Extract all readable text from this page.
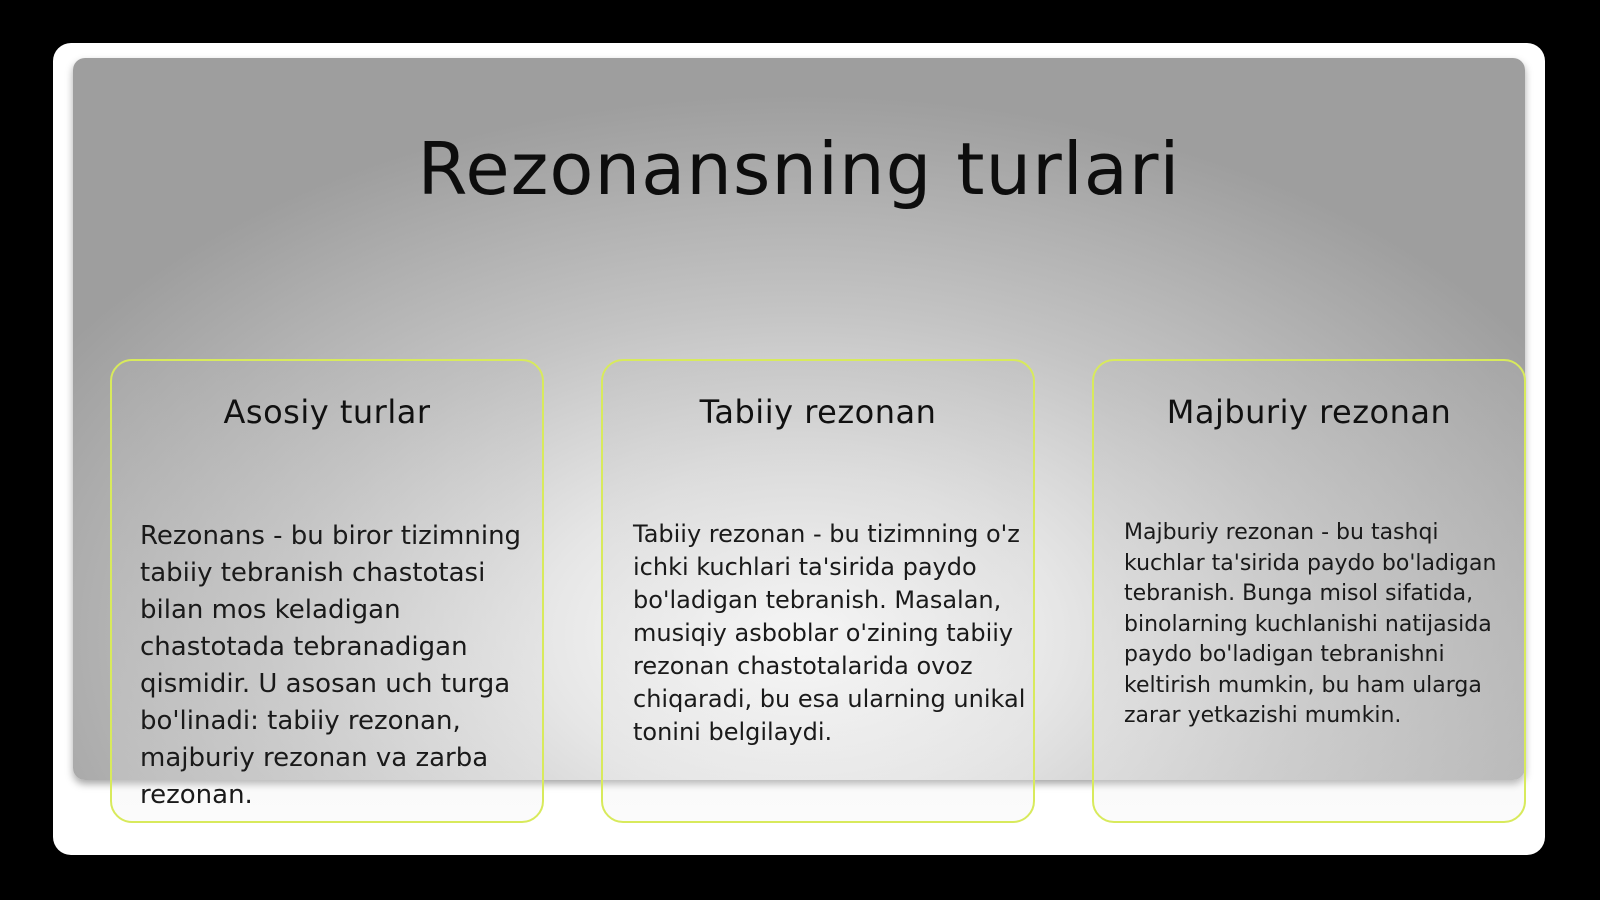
Rezonansning turlari
Asosiy turlar

Rezonans - bu biror tizimning tabiiy tebranish chastotasi bilan mos keladigan chastotada tebranadigan qismidir. U asosan uch turga bo'linadi: tabiiy rezonan, majburiy rezonan va zarba rezonan.

Tabiiy rezonan

Tabiiy rezonan - bu tizimning o'z ichki kuchlari ta'sirida paydo bo'ladigan tebranish. Masalan, musiqiy asboblar o'zining tabiiy rezonan chastotalarida ovoz chiqaradi, bu esa ularning unikal tonini belgilaydi.

Majburiy rezonan

Majburiy rezonan - bu tashqi kuchlar ta'sirida paydo bo'ladigan tebranish. Bunga misol sifatida, binolarning kuchlanishi natijasida paydo bo'ladigan tebranishni keltirish mumkin, bu ham ularga zarar yetkazishi mumkin.
